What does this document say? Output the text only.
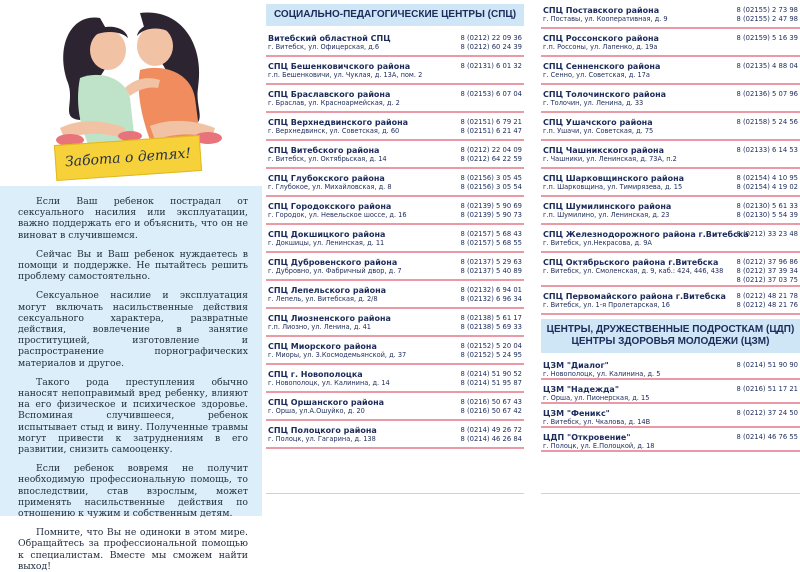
Забота о детях!

Если Ваш ребенок пострадал от сексуального насилия или эксплуатации, важно поддержать его и объяснить, что он не виноват в случившемся.

Сейчас Вы и Ваш ребенок нуждаетесь в помощи и поддержке. Не пытайтесь решить проблему самостоятельно.

Сексуальное насилие и эксплуатация могут включать насильственные действия сексуального характера, развратные действия, вовлечение в занятие проституцией, изготовление и распространение порнографических материалов и другое.

Такого рода преступления обычно наносят непоправимый вред ребенку, влияют на его физическое и психическое здоровье. Вспоминая случившееся, ребенок испытывает стыд и вину. Полученные травмы могут привести к затруднениям в его развитии, снизить самооценку.

Если ребенок вовремя не получит необходимую профессиональную помощь, то впоследствии, став взрослым, может применять насильственные действия по отношению к чужим и собственным детям.

Помните, что Вы не одиноки в этом мире. Обращайтесь за профессиональной помощью к специалистам. Вместе мы сможем найти выход!

СОЦИАЛЬНО-ПЕДАГОГИЧЕСКИЕ ЦЕНТРЫ (СПЦ)
Витебский областной СПЦ
г. Витебск, ул. Офицерская, д.6
8 (0212) 22 09 36
8 (0212) 60 24 39
СПЦ Бешенковичского района
г.п. Бешенковичи, ул. Чуклая, д. 13А, пом. 2
8 (02131) 6 01 32
СПЦ Браславского района
г. Браслав, ул. Красноармейская, д. 2
8 (02153) 6 07 04
СПЦ Верхнедвинского района
г. Верхнедвинск, ул. Советская, д. 60
8 (02151) 6 79 21
8 (02151) 6 21 47
СПЦ Витебского района
г. Витебск, ул. Октябрьская, д. 14
8 (0212) 22 04 09
8 (0212) 64 22 59
СПЦ Глубокского района
г. Глубокое, ул. Михайловская, д. 8
8 (02156) 3 05 45
8 (02156) 3 05 54
СПЦ Городокского района
г. Городок, ул. Невельское шоссе, д. 16
8 (02139) 5 90 69
8 (02139) 5 90 73
СПЦ Докшицкого района
г. Докшицы, ул. Ленинская, д. 11
8 (02157) 5 68 43
8 (02157) 5 68 55
СПЦ Дубровенского района
г. Дубровно, ул. Фабричный двор, д. 7
8 (02137) 5 29 63
8 (02137) 5 40 89
СПЦ Лепельского района
г. Лепель, ул. Витебская, д. 2/8
8 (02132) 6 94 01
8 (02132) 6 96 34
СПЦ Лиозненского района
г.п. Лиозно, ул. Ленина, д. 41
8 (02138) 5 61 17
8 (02138) 5 69 33
СПЦ Миорского района
г. Миоры, ул. З.Космодемьянской, д. 37
8 (02152) 5 20 04
8 (02152) 5 24 95
СПЦ г. Новополоцка
г. Новополоцк, ул. Калинина, д. 14
8 (0214) 51 90 52
8 (0214) 51 95 87
СПЦ Оршанского района
г. Орша, ул.А.Ошуйко, д. 20
8 (0216) 50 67 43
8 (0216) 50 67 42
СПЦ Полоцкого района
г. Полоцк, ул. Гагарина, д. 138
8 (0214) 49 26 72
8 (0214) 46 26 84
СПЦ Поставского района
г. Поставы, ул. Кооперативная, д. 9
8 (02155) 2 73 98
8 (02155) 2 47 98
СПЦ Россонского района
г.п. Россоны, ул. Лапенко, д. 19а
8 (02159) 5 16 39
СПЦ Сенненского района
г. Сенно, ул. Советская, д. 17а
8 (02135) 4 88 04
СПЦ Толочинского района
г. Толочин, ул. Ленина, д. 33
8 (02136) 5 07 96
СПЦ Ушачского района
г.п. Ушачи, ул. Советская, д. 75
8 (02158) 5 24 56
СПЦ Чашникского района
г. Чашники, ул. Ленинская, д. 73А, п.2
8 (02133) 6 14 53
СПЦ Шарковщинского района
г.п. Шарковщина, ул. Тимирязева, д. 15
8 (02154) 4 10 95
8 (02154) 4 19 02
СПЦ Шумилинского района
г.п. Шумилино, ул. Ленинская, д. 23
8 (02130) 5 61 33
8 (02130) 5 54 39
СПЦ Железнодорожного района г.Витебска
г. Витебск, ул.Некрасова, д. 9А
8 (0212) 33 23 48
СПЦ Октябрьского района г.Витебска
г. Витебск, ул. Смоленская, д. 9, каб.: 424, 446, 438
8 (0212) 37 96 86
8 (0212) 37 39 34
8 (0212) 37 03 75
СПЦ Первомайского района г.Витебска
г. Витебск, ул. 1-я Пролетарская, 16
8 (0212) 48 21 78
8 (0212) 48 21 76
ЦЕНТРЫ, ДРУЖЕСТВЕННЫЕ ПОДРОСТКАМ (ЦДП)
ЦЕНТРЫ ЗДОРОВЬЯ МОЛОДЕЖИ (ЦЗМ)
ЦЗМ "Диалог"
г. Новополоцк, ул. Калинина, д. 5
8 (0214) 51 90 90
ЦЗМ "Надежда"
г. Орша, ул. Пионерская, д. 15
8 (0216) 51 17 21
ЦЗМ "Феникс"
г. Витебск, ул. Чкалова, д. 14В
8 (0212) 37 24 50
ЦДП "Откровение"
г. Полоцк, ул. Е.Полоцкой, д. 18
8 (0214) 46 76 55
